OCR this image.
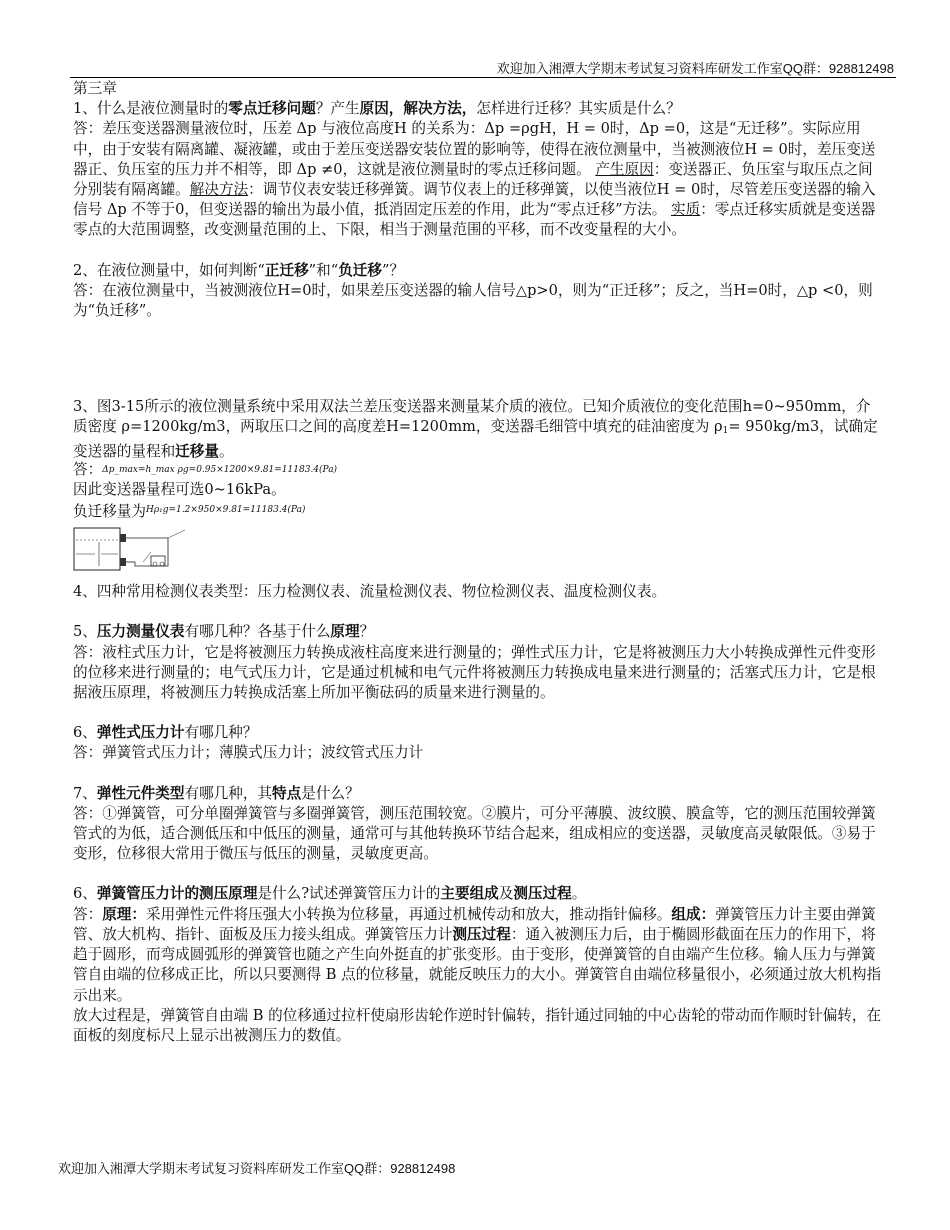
欢迎加入湘潭大学期末考试复习资料库研发工作室QQ群：928812498

第三章

1、什么是液位测量时的零点迁移问题？产生原因，解决方法，怎样进行迁移？其实质是什么？

答：差压变送器测量液位时，压差 Δp 与液位高度H 的关系为：Δp =ρgH，H = 0时，Δp =0，这是“无迁移”。实际应用中，由于安装有隔离罐、凝液罐，或由于差压变送器安装位置的影响等，使得在液位测量中，当被测液位H = 0时，差压变送器正、负压室的压力并不相等，即 Δp ≠0，这就是液位测量时的零点迁移问题。 产生原因：变送器正、负压室与取压点之间分别装有隔离罐。解决方法：调节仪表安装迁移弹簧。调节仪表上的迁移弹簧，以使当液位H = 0时，尽管差压变送器的输入信号 Δp 不等于0，但变送器的输出为最小值，抵消固定压差的作用，此为“零点迁移”方法。 实质：零点迁移实质就是变送器零点的大范围调整，改变测量范围的上、下限，相当于测量范围的平移，而不改变量程的大小。

2、在液位测量中，如何判断“正迁移”和“负迁移”？

答：在液位测量中，当被测液位H=0时，如果差压变送器的输人信号△p>0，则为“正迁移”；反之，当H=0时，△p <0，则为“负迁移”。

3、图3-15所示的液位测量系统中采用双法兰差压变送器来测量某介质的液位。已知介质液位的变化范围h=0~950mm，介质密度 ρ=1200kg/m3，两取压口之间的高度差H=1200mm，变送器毛细管中填充的硅油密度为 $\rho_1= 950kg/m3$，试确定变送器的量程和迁移量。

答：Δp_max=h_max ρg=0.95×1200×9.81=11183.4(Pa)

因此变送器量程可选0~16kPa。

负迁移量为$^{H\rho_1g=1.2\times 950\times 9.81=11183.4(Pa)}$

4、四种常用检测仪表类型：压力检测仪表、流量检测仪表、物位检测仪表、温度检测仪表。

5、压力测量仪表有哪几种？各基于什么原理？

答：液柱式压力计，它是将被测压力转换成液柱高度来进行测量的；弹性式压力计，它是将被测压力大小转换成弹性元件变形的位移来进行测量的；电气式压力计，它是通过机械和电气元件将被测压力转换成电量来进行测量的；活塞式压力计，它是根据液压原理，将被测压力转换成活塞上所加平衡砝码的质量来进行测量的。

6、弹性式压力计有哪几种？

答：弹簧管式压力计；薄膜式压力计；波纹管式压力计

7、弹性元件类型有哪几种，其特点是什么？

答：①弹簧管，可分单圈弹簧管与多圈弹簧管，测压范围较宽。②膜片，可分平薄膜、波纹膜、膜盒等，它的测压范围较弹簧管式的为低，适合测低压和中低压的测量，通常可与其他转换环节结合起来，组成相应的变送器，灵敏度高灵敏限低。③易于变形，位移很大常用于微压与低压的测量，灵敏度更高。

6、弹簧管压力计的测压原理是什么?试述弹簧管压力计的主要组成及测压过程。

答：原理：采用弹性元件将压强大小转换为位移量，再通过机械传动和放大，推动指针偏移。组成：弹簧管压力计主要由弹簧管、放大机构、指针、面板及压力接头组成。弹簧管压力计测压过程：通入被测压力后，由于椭圆形截面在压力的作用下，将趋于圆形，而弯成圆弧形的弹簧管也随之产生向外挺直的扩张变形。由于变形，使弹簧管的自由端产生位移。输人压力与弹簧管自由端的位移成正比，所以只要测得 B 点的位移量，就能反映压力的大小。弹簧管自由端位移量很小，必须通过放大机构指示出来。

放大过程是，弹簧管自由端 B 的位移通过拉杆使扇形齿轮作逆时针偏转，指针通过同轴的中心齿轮的带动而作顺时针偏转，在面板的刻度标尺上显示出被测压力的数值。

欢迎加入湘潭大学期末考试复习资料库研发工作室QQ群：928812498
